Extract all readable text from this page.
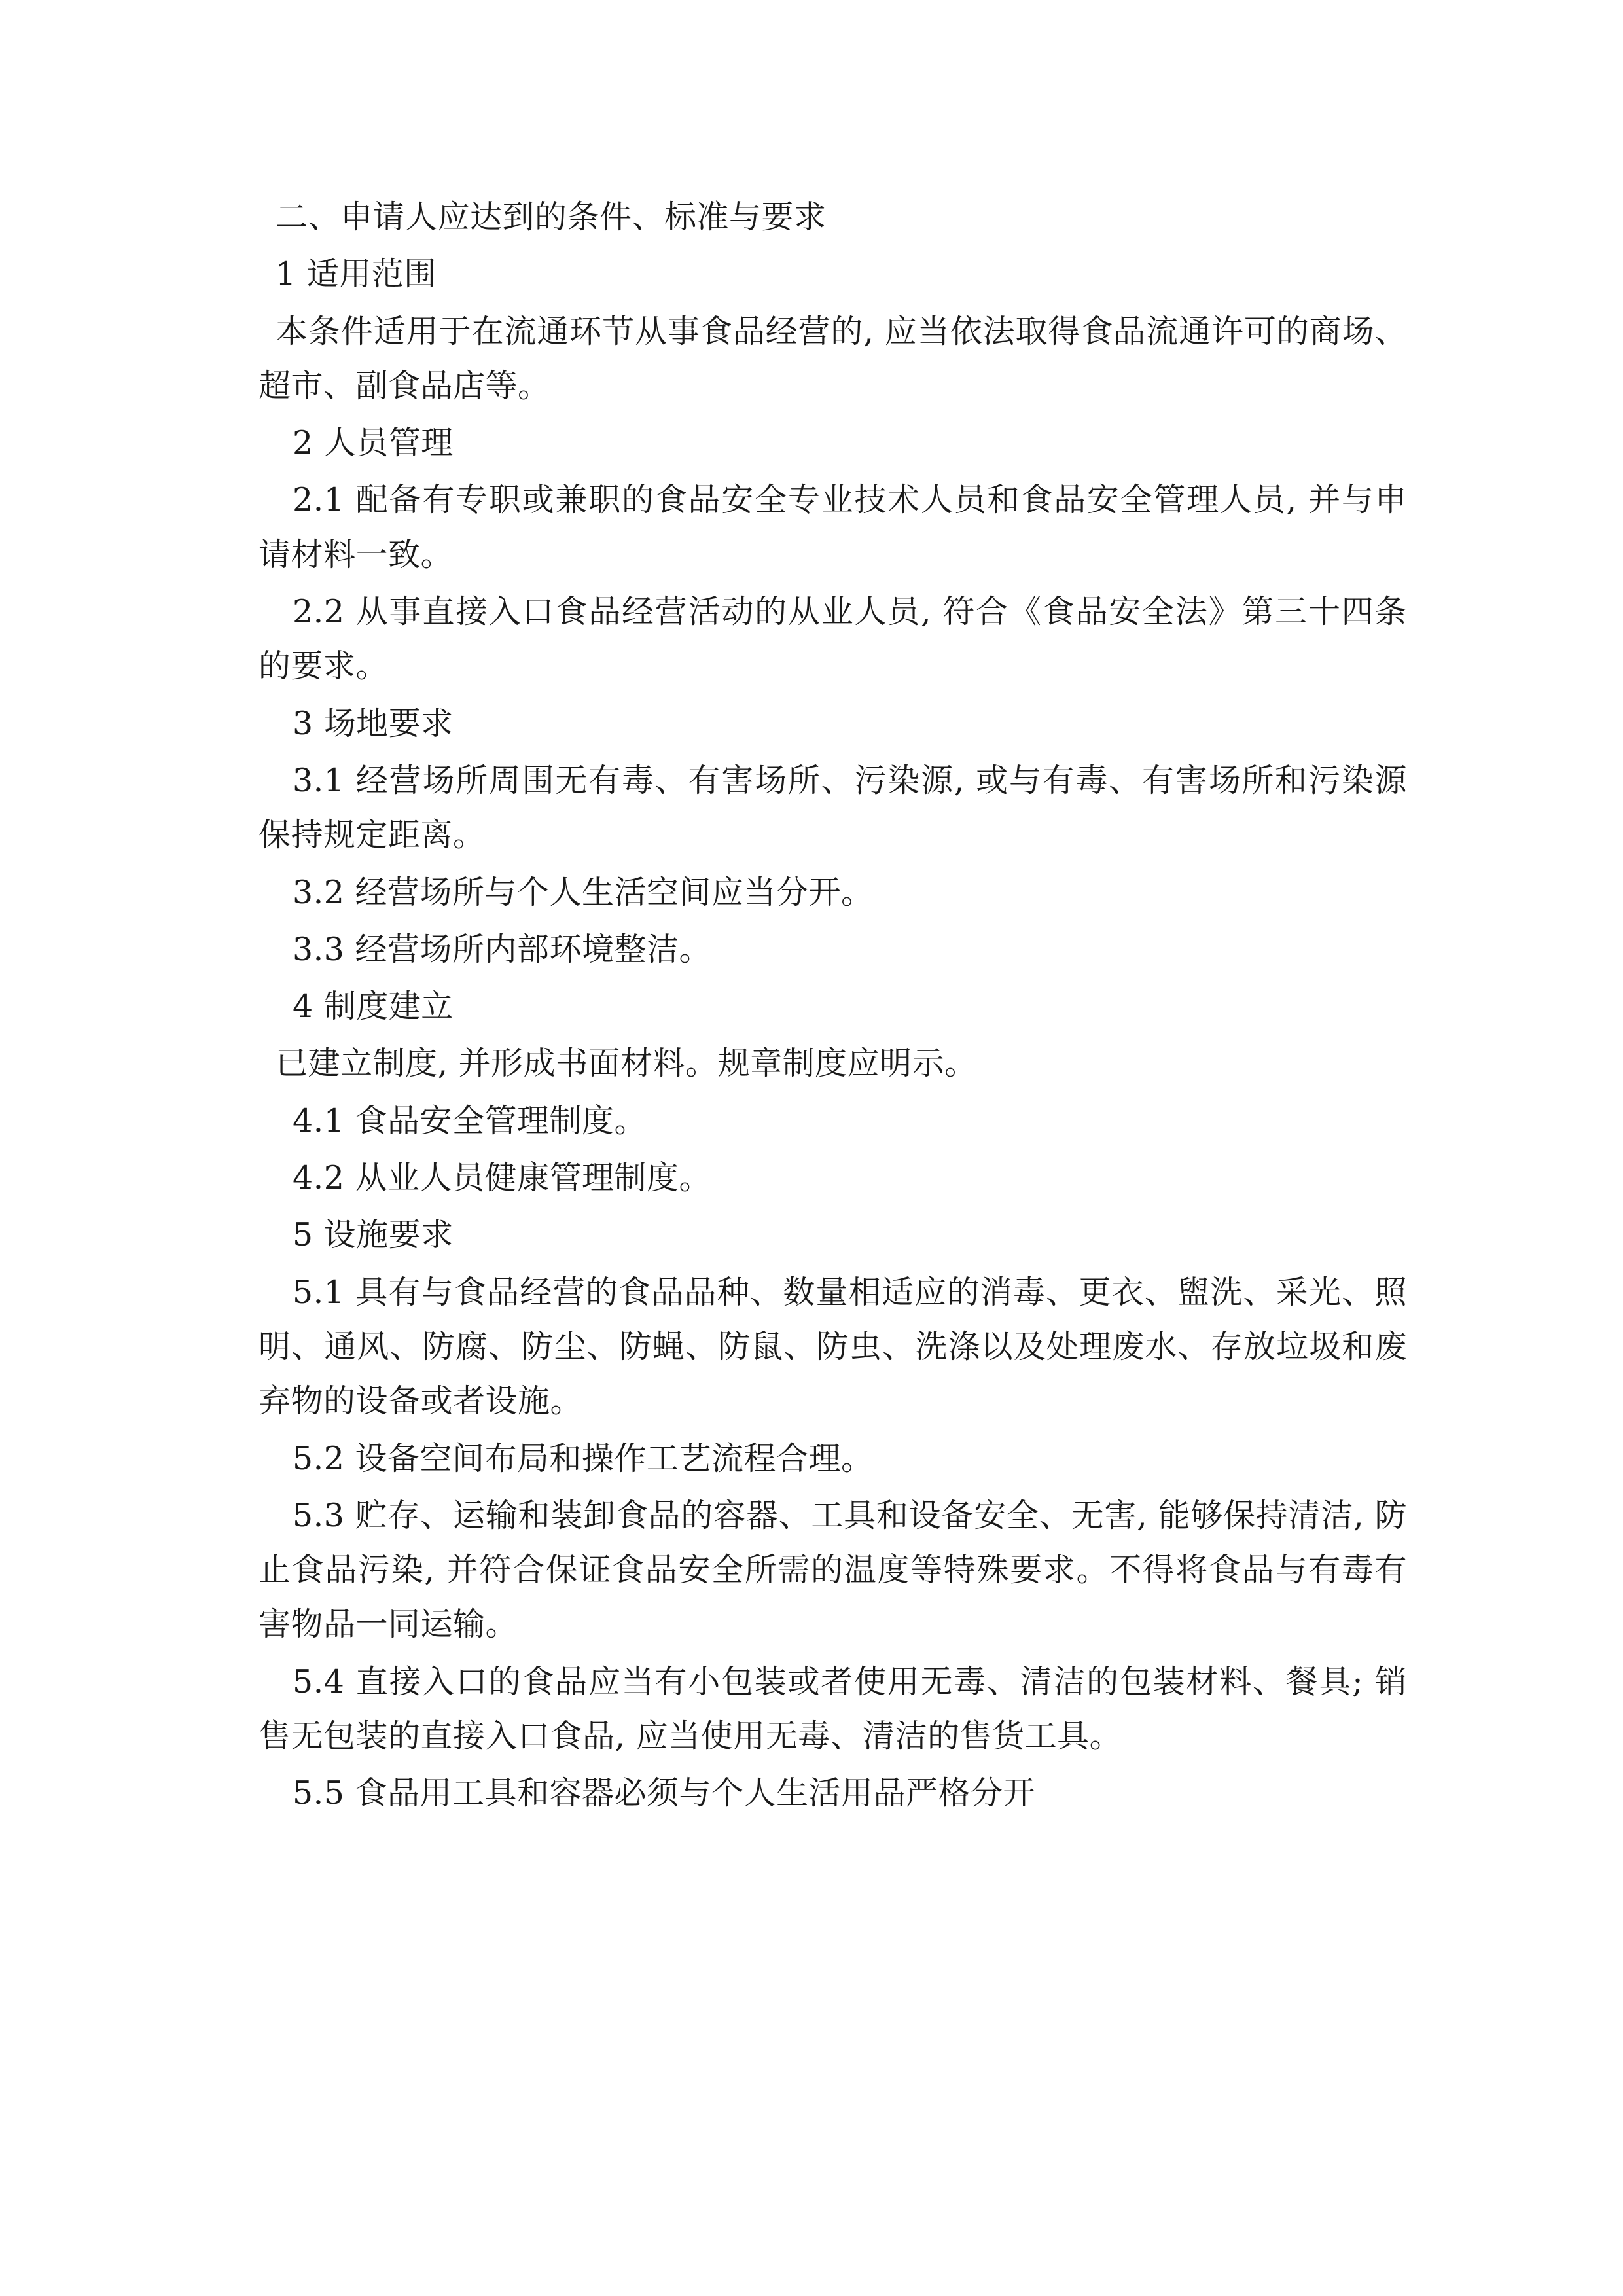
二、申请人应达到的条件、标准与要求

1 适用范围

本条件适用于在流通环节从事食品经营的, 应当依法取得食品流通许可的商场、超市、副食品店等。

2 人员管理

2.1 配备有专职或兼职的食品安全专业技术人员和食品安全管理人员, 并与申请材料一致。

2.2 从事直接入口食品经营活动的从业人员, 符合《食品安全法》第三十四条的要求。

3 场地要求

3.1 经营场所周围无有毒、有害场所、污染源, 或与有毒、有害场所和污染源保持规定距离。

3.2 经营场所与个人生活空间应当分开。

3.3 经营场所内部环境整洁。

4 制度建立

已建立制度, 并形成书面材料。规章制度应明示。

4.1 食品安全管理制度。

4.2 从业人员健康管理制度。

5 设施要求

5.1 具有与食品经营的食品品种、数量相适应的消毒、更衣、盥洗、采光、照明、通风、防腐、防尘、防蝇、防鼠、防虫、洗涤以及处理废水、存放垃圾和废弃物的设备或者设施。

5.2 设备空间布局和操作工艺流程合理。

5.3 贮存、运输和装卸食品的容器、工具和设备安全、无害, 能够保持清洁, 防止食品污染, 并符合保证食品安全所需的温度等特殊要求。不得将食品与有毒有害物品一同运输。

5.4 直接入口的食品应当有小包装或者使用无毒、清洁的包装材料、餐具; 销售无包装的直接入口食品, 应当使用无毒、清洁的售货工具。

5.5 食品用工具和容器必须与个人生活用品严格分开
